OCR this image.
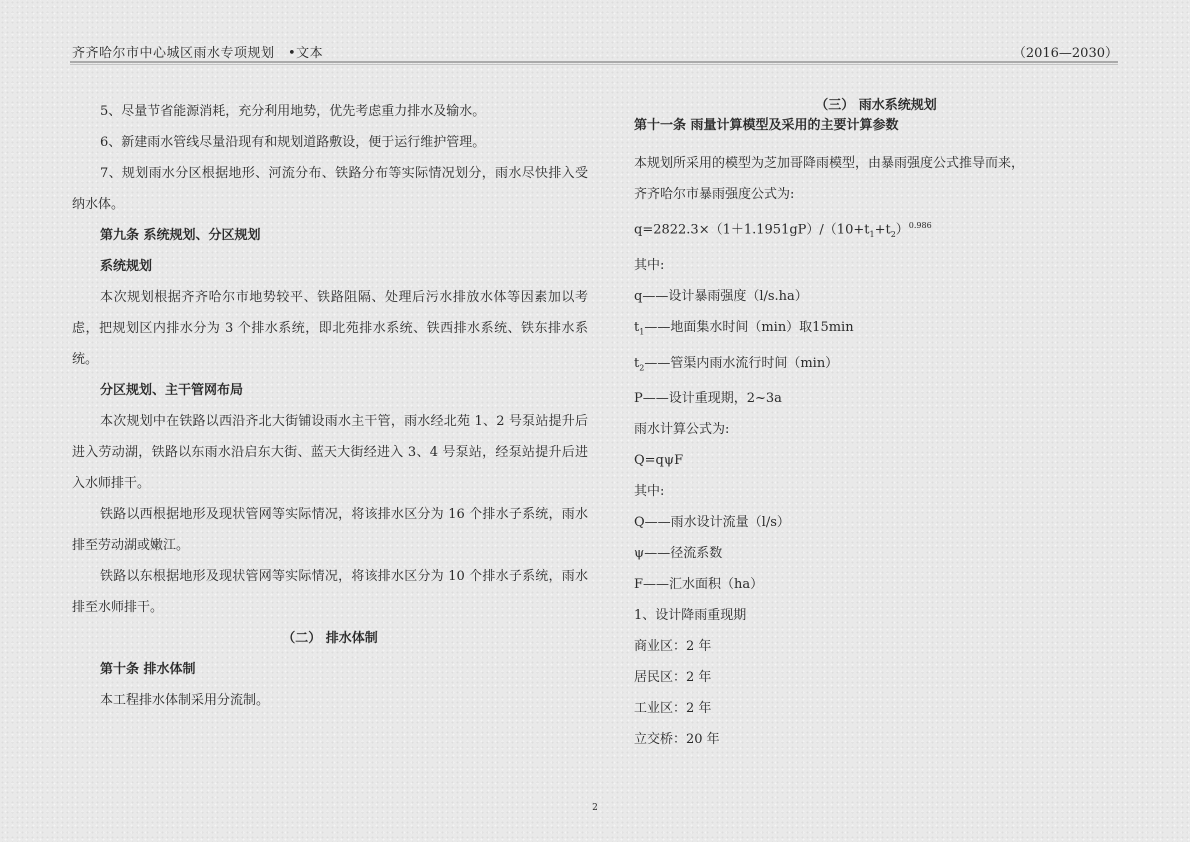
齐齐哈尔市中心城区雨水专项规划　•文本	（2016—2030）

5、尽量节省能源消耗，充分利用地势，优先考虑重力排水及输水。

6、新建雨水管线尽量沿现有和规划道路敷设，便于运行维护管理。

7、规划雨水分区根据地形、河流分布、铁路分布等实际情况划分，雨水尽快排入受纳水体。

第九条 系统规划、分区规划

系统规划

本次规划根据齐齐哈尔市地势较平、铁路阻隔、处理后污水排放水体等因素加以考虑，把规划区内排水分为 3 个排水系统，即北苑排水系统、铁西排水系统、铁东排水系统。

分区规划、主干管网布局

本次规划中在铁路以西沿齐北大街铺设雨水主干管，雨水经北苑 1、2 号泵站提升后进入劳动湖，铁路以东雨水沿启东大街、蓝天大街经进入 3、4 号泵站，经泵站提升后进入水师排干。

铁路以西根据地形及现状管网等实际情况，将该排水区分为 16 个排水子系统，雨水排至劳动湖或嫩江。

铁路以东根据地形及现状管网等实际情况，将该排水区分为 10 个排水子系统，雨水排至水师排干。

（二） 排水体制

第十条 排水体制

本工程排水体制采用分流制。

（三） 雨水系统规划

第十一条 雨量计算模型及采用的主要计算参数

本规划所采用的模型为芝加哥降雨模型，由暴雨强度公式推导而来，

齐齐哈尔市暴雨强度公式为:

$q=2822.3\times(1+1.1951gP)/(10+t_1+t_2)^{0.986}$

其中:

q——设计暴雨强度（l/s.ha）

$t_1——$地面集水时间（min）取15min

$t_2——$管渠内雨水流行时间（min）

P——设计重现期，2~3a

雨水计算公式为:

Q=qψF

其中:

Q——雨水设计流量（l/s）

ψ——径流系数

F——汇水面积（ha）

1、设计降雨重现期

商业区：2 年

居民区：2 年

工业区：2 年

立交桥：20 年

2
